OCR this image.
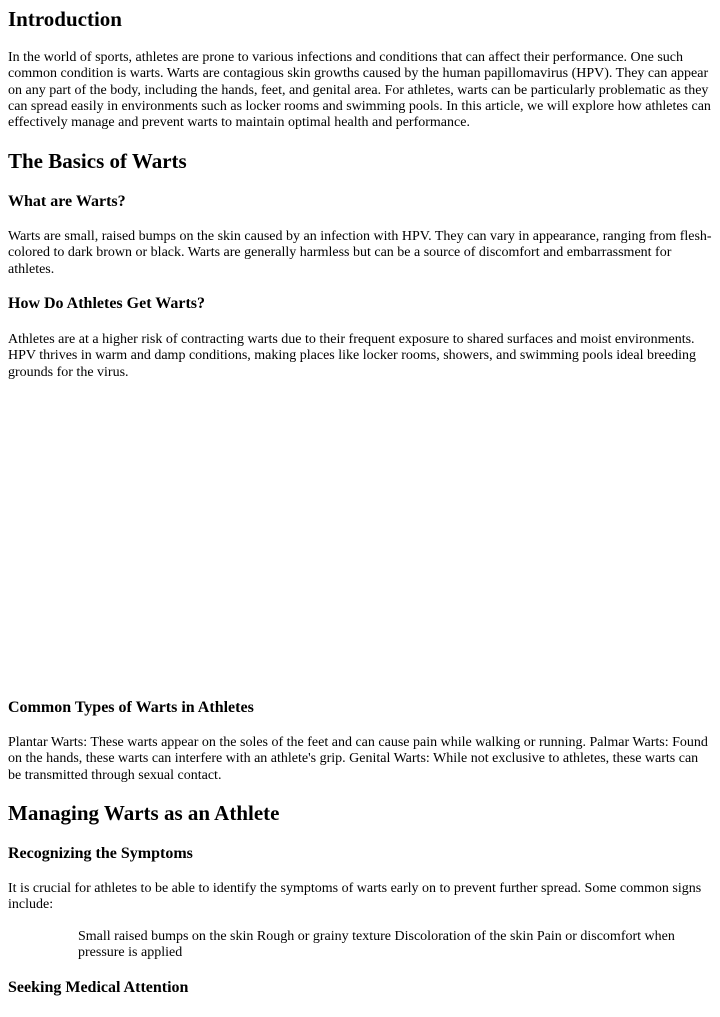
Introduction

In the world of sports, athletes are prone to various infections and conditions that can affect their performance. One such common condition is warts. Warts are contagious skin growths caused by the human papillomavirus (HPV). They can appear on any part of the body, including the hands, feet, and genital area. For athletes, warts can be particularly problematic as they can spread easily in environments such as locker rooms and swimming pools. In this article, we will explore how athletes can effectively manage and prevent warts to maintain optimal health and performance.

The Basics of Warts
What are Warts?

Warts are small, raised bumps on the skin caused by an infection with HPV. They can vary in appearance, ranging from flesh-colored to dark brown or black. Warts are generally harmless but can be a source of discomfort and embarrassment for athletes.

How Do Athletes Get Warts?

Athletes are at a higher risk of contracting warts due to their frequent exposure to shared surfaces and moist environments. HPV thrives in warm and damp conditions, making places like locker rooms, showers, and swimming pools ideal breeding grounds for the virus.

Common Types of Warts in Athletes

Plantar Warts: These warts appear on the soles of the feet and can cause pain while walking or running. Palmar Warts: Found on the hands, these warts can interfere with an athlete's grip. Genital Warts: While not exclusive to athletes, these warts can be transmitted through sexual contact.

Managing Warts as an Athlete
Recognizing the Symptoms

It is crucial for athletes to be able to identify the symptoms of warts early on to prevent further spread. Some common signs include:

Small raised bumps on the skin Rough or grainy texture Discoloration of the skin Pain or discomfort when pressure is applied
Seeking Medical Attention
